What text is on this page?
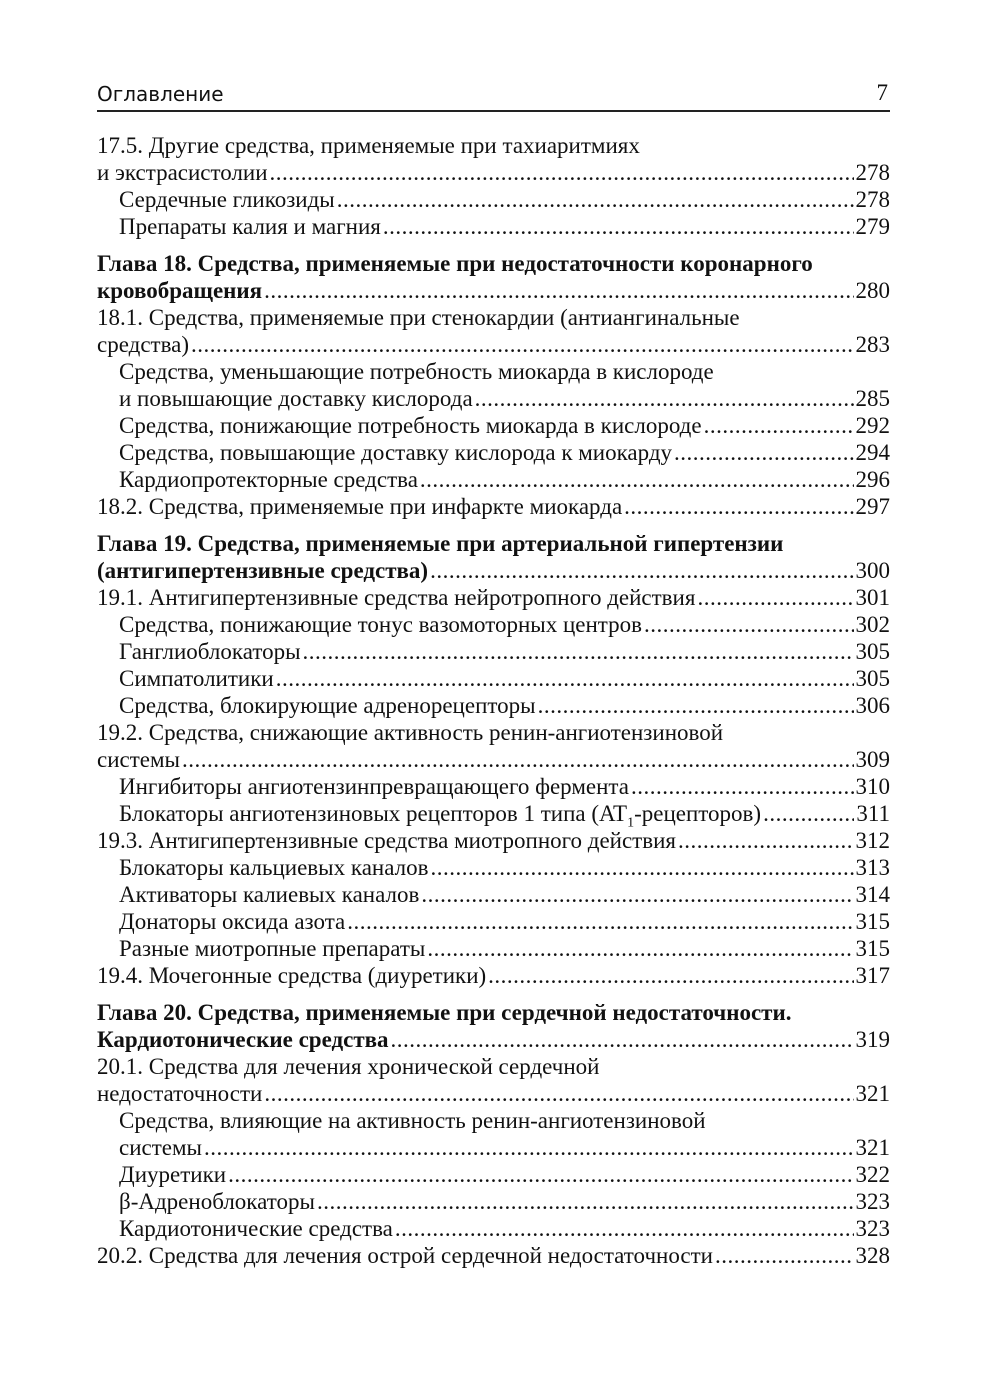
Оглавление	7
17.5. Другие средства, применяемые при тахиаритмиях
и экстрасистолии .....	278
Сердечные гликозиды .....	278
Препараты калия и магния .....	279
Глава 18. Средства, применяемые при недостаточности коронарного
кровобращения .....	280
18.1. Средства, применяемые при стенокардии (антиангинальные
средства) .....	283
Средства, уменьшающие потребность миокарда в кислороде
и повышающие доставку кислорода .....	285
Средства, понижающие потребность миокарда в кислороде .....	292
Средства, повышающие доставку кислорода к миокарду .....	294
Кардиопротекторные средства .....	296
18.2. Средства, применяемые при инфаркте миокарда .....	297
Глава 19. Средства, применяемые при артериальной гипертензии
(антигипертензивные средства) .....	300
19.1. Антигипертензивные средства нейротропного действия .....	301
Средства, понижающие тонус вазомоторных центров .....	302
Ганглиоблокаторы .....	305
Симпатолитики .....	305
Средства, блокирующие адренорецепторы .....	306
19.2. Средства, снижающие активность ренин-ангиотензиновой
системы .....	309
Ингибиторы ангиотензинпревращающего фермента .....	310
Блокаторы ангиотензиновых рецепторов 1 типа $(AT_1-рецепторов)$ .....	311
19.3. Антигипертензивные средства миотропного действия .....	312
Блокаторы кальциевых каналов .....	313
Активаторы калиевых каналов .....	314
Донаторы оксида азота .....	315
Разные миотропные препараты .....	315
19.4. Мочегонные средства (диуретики) .....	317
Глава 20. Средства, применяемые при сердечной недостаточности.
Кардиотонические средства .....	319
20.1. Средства для лечения хронической сердечной
недостаточности .....	321
Средства, влияющие на активность ренин-ангиотензиновой
системы .....	321
Диуретики .....	322
β-Адреноблокаторы .....	323
Кардиотонические средства .....	323
20.2. Средства для лечения острой сердечной недостаточности .....	328
